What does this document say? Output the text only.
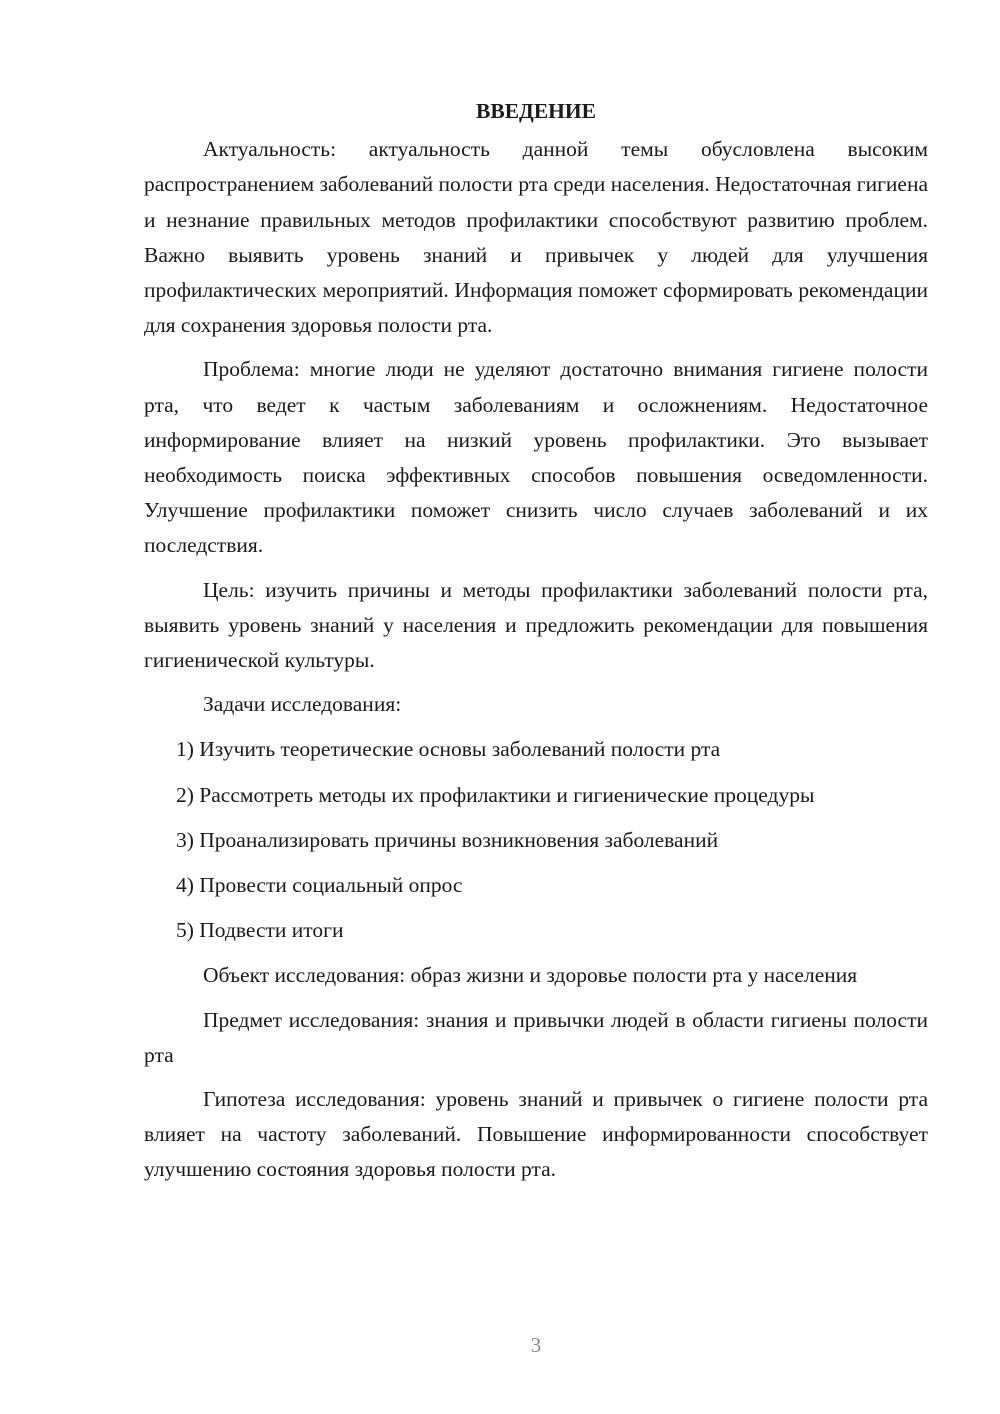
ВВЕДЕНИЕ

Актуальность: актуальность данной темы обусловлена высоким распространением заболеваний полости рта среди населения. Недостаточная гигиена и незнание правильных методов профилактики способствуют развитию проблем. Важно выявить уровень знаний и привычек у людей для улучшения профилактических мероприятий. Информация поможет сформировать рекомендации для сохранения здоровья полости рта.

Проблема: многие люди не уделяют достаточно внимания гигиене полости рта, что ведет к частым заболеваниям и осложнениям. Недостаточное информирование влияет на низкий уровень профилактики. Это вызывает необходимость поиска эффективных способов повышения осведомленности. Улучшение профилактики поможет снизить число случаев заболеваний и их последствия.

Цель: изучить причины и методы профилактики заболеваний полости рта, выявить уровень знаний у населения и предложить рекомендации для повышения гигиенической культуры.

Задачи исследования:
1) Изучить теоретические основы заболеваний полости рта
2) Рассмотреть методы их профилактики и гигиенические процедуры
3) Проанализировать причины возникновения заболеваний
4) Провести социальный опрос
5) Подвести итоги

Объект исследования: образ жизни и здоровье полости рта у населения

Предмет исследования: знания и привычки людей в области гигиены полости рта

Гипотеза исследования: уровень знаний и привычек о гигиене полости рта влияет на частоту заболеваний. Повышение информированности способствует улучшению состояния здоровья полости рта.

3
